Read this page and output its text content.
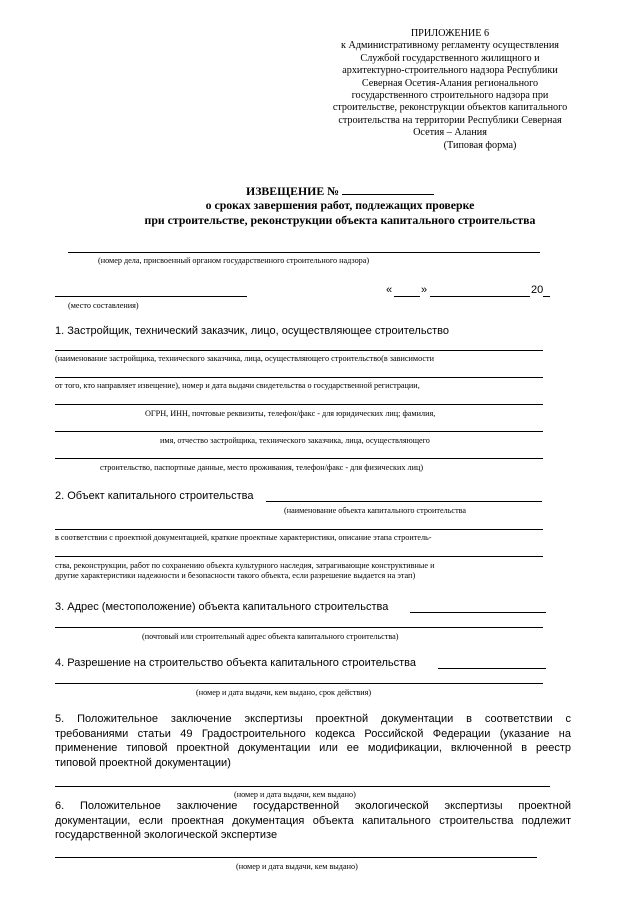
ПРИЛОЖЕНИЕ 6
к Административному регламенту осуществления
Службой государственного жилищного и
архитектурно-строительного надзора Республики
Северная Осетия-Алания регионального
государственного строительного надзора при
строительстве, реконструкции объектов капитального
строительства на территории Республики Северная
Осетия – Алания
(Типовая форма)
ИЗВЕЩЕНИЕ №
о сроках завершения работ, подлежащих проверке
при строительстве, реконструкции объекта капитального строительства
(номер дела, присвоенный органом государственного строительного надзора)
(место составления)
«	»	20
1. Застройщик, технический заказчик, лицо, осуществляющее строительство
(наименование застройщика, технического заказчика, лица, осуществляющего строительство(в зависимости
от того, кто направляет извещение), номер и дата выдачи свидетельства о государственной регистрации,
ОГРН, ИНН, почтовые реквизиты, телефон/факс - для юридических лиц; фамилия,
имя, отчество застройщика, технического заказчика, лица, осуществляющего
строительство, паспортные данные, место проживания, телефон/факс - для физических лиц)
2. Объект капитального строительства
(наименование объекта капитального строительства
в соответствии с проектной документацией, краткие проектные характеристики, описание этапа строитель-
ства, реконструкции, работ по сохранению объекта культурного наследия, затрагивающие конструктивные и
другие характеристики надежности и безопасности такого объекта, если разрешение выдается на этап)
3. Адрес (местоположение) объекта капитального строительства
(почтовый или строительный адрес объекта капитального строительства)
4. Разрешение на строительство объекта капитального строительства
(номер и дата выдачи, кем выдано, срок действия)
5. Положительное заключение экспертизы проектной документации в соответствии с
требованиями статьи 49 Градостроительного кодекса Российской Федерации (указание на
применение типовой проектной документации или ее модификации, включенной в реестр
типовой проектной документации)
(номер и дата выдачи, кем выдано)
6. Положительное заключение государственной экологической экспертизы проектной
документации, если проектная документация объекта капитального строительства подлежит
государственной экологической экспертизе
(номер и дата выдачи, кем выдано)
